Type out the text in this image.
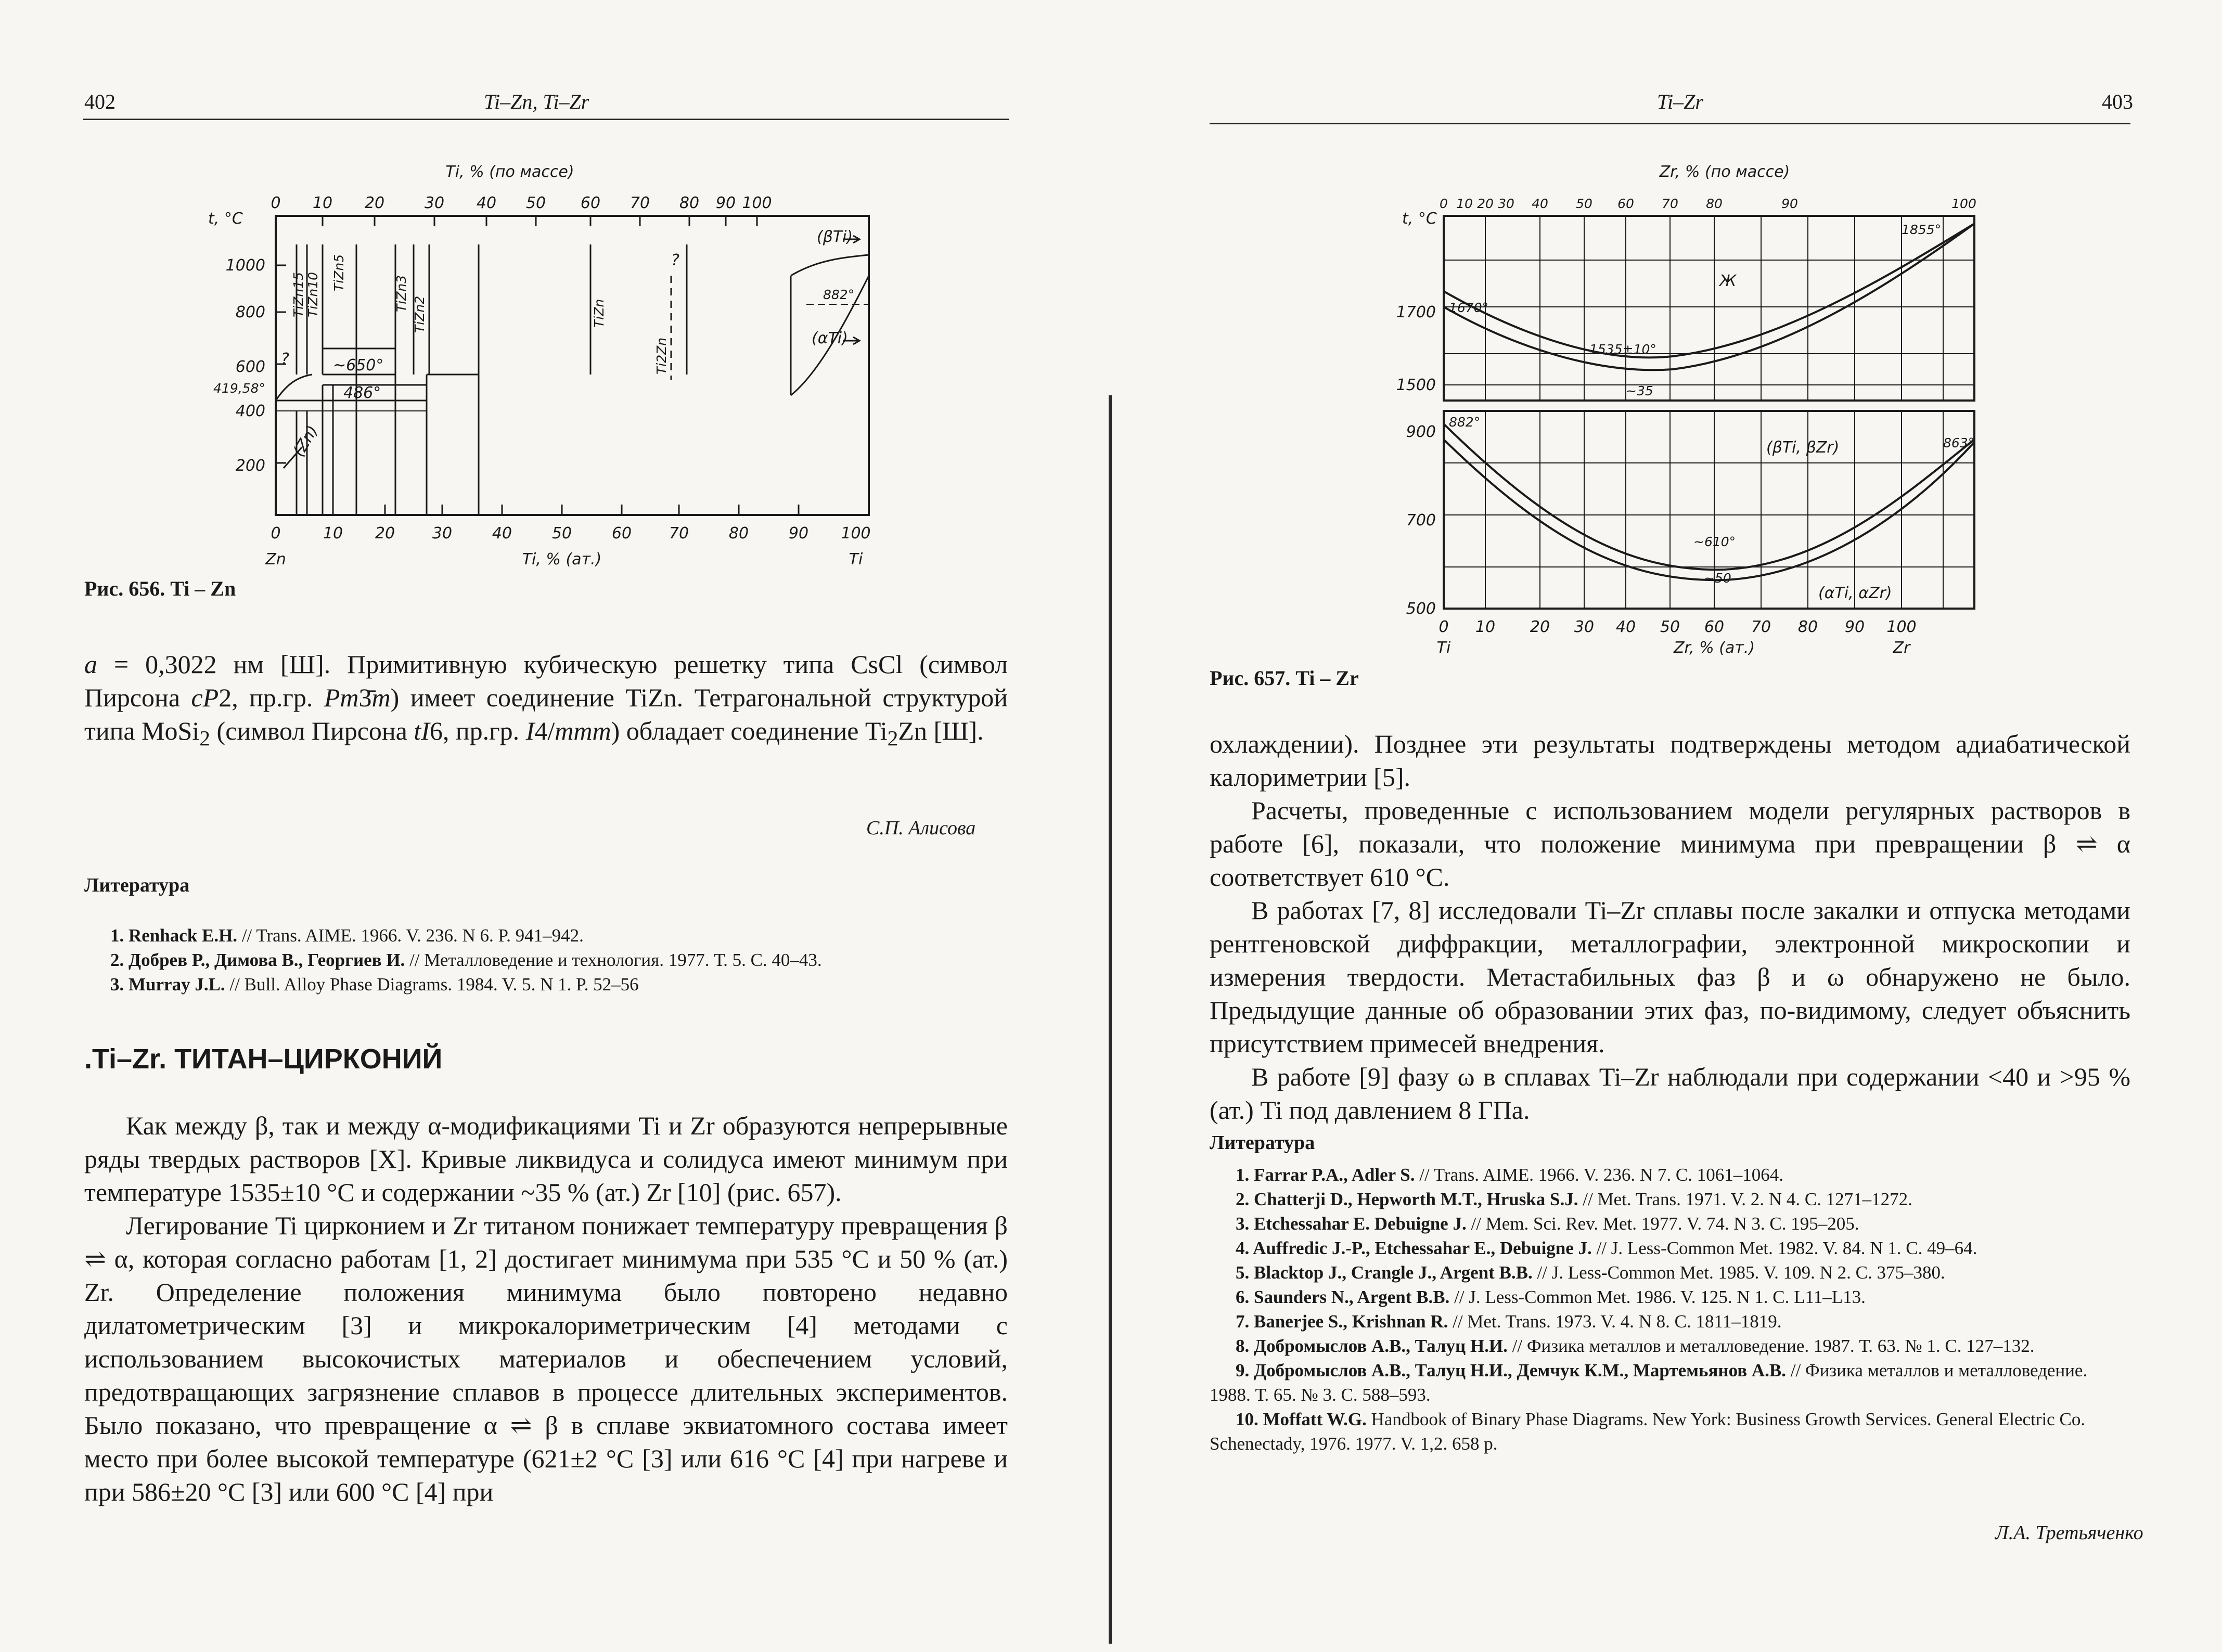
402	Ti–Zn, Ti–Zr
Ti, % (по массе)
0 10 20	30 40 50 60 70 80 90 100
t, °C
1000
800
600
419,58°
400
200
(βTi)
882°
(αTi)
~650°
486°
(Zn)
?
?
TiZn15 TiZn10 TiZn5
TiZn3
TiZn2	TiZn
Ti2Zn
0	10 20 30	40	50	60 70	80	90 100
Zn	Ti, % (ат.)	Ti
Рис. 656. Ti – Zn

a = 0,3022 нм [Ш]. Примитивную кубическую решетку типа CsCl (символ Пирсона cP2, пр.гр. Pm3̄m) имеет соединение TiZn. Тетрагональной структурой типа MoSi$_2$ (символ Пирсона tI6, пр.гр. I4/mmm) обладает соединение $Ti_2Zn$ [Ш].

С.П. Алисова
Литература
1. Renhack E.H. // Trans. AIME. 1966. V. 236. N 6. P. 941–942.
2. Добрев Р., Димова В., Георгиев И. // Металловедение и технология. 1977. Т. 5. С. 40–43.
3. Murray J.L. // Bull. Alloy Phase Diagrams. 1984. V. 5. N 1. P. 52–56
.Ti–Zr. ТИТАН–ЦИРКОНИЙ

Как между β, так и между α-модификациями Ti и Zr образуются непрерывные ряды твердых растворов [X]. Кривые ликвидуса и солидуса имеют минимум при температуре 1535±10 °C и содержании ~35 % (ат.) Zr [10] (рис. 657).

Легирование Ti цирконием и Zr титаном понижает температуру превращения β ⇌ α, которая согласно работам [1, 2] достигает минимума при 535 °C и 50 % (ат.) Zr. Определение положения минимума было повторено недавно дилатометрическим [3] и микрокалориметрическим [4] методами с использованием высокочистых материалов и обеспечением условий, предотвращающих загрязнение сплавов в процессе длительных экспериментов. Было показано, что превращение α ⇌ β в сплаве эквиатомного состава имеет место при более высокой температуре (621±2 °C [3] или 616 °C [4] при нагреве и при 586±20 °C [3] или 600 °C [4] при

Ti–Zr	403
Zr, % (по массе)
t, °C
0 10 20 30 40 50 60 70 80	90	100
Ж
1855°
1670°
1535±10°
~35
882°
(βTi, βZr)	863°
~610°
~50
(αTi, αZr)
1700
1500
900
700
500
0 10 20 30 40 50 60 70 80 90 100
Ti	Zr, % (ат.)	Zr
Рис. 657. Ti – Zr

охлаждении). Позднее эти результаты подтверждены методом адиабатической калориметрии [5].

Расчеты, проведенные с использованием модели регулярных растворов в работе [6], показали, что положение минимума при превращении β ⇌ α соответствует 610 °C.

В работах [7, 8] исследовали Ti–Zr сплавы после закалки и отпуска методами рентгеновской диффракции, металлографии, электронной микроскопии и измерения твердости. Метастабильных фаз β и ω обнаружено не было. Предыдущие данные об образовании этих фаз, по-видимому, следует объяснить присутствием примесей внедрения.

В работе [9] фазу ω в сплавах Ti–Zr наблюдали при содержании <40 и >95 % (ат.) Ti под давлением 8 ГПа.

Литература
1. Farrar P.A., Adler S. // Trans. AIME. 1966. V. 236. N 7. C. 1061–1064.
2. Chatterji D., Hepworth M.T., Hruska S.J. // Met. Trans. 1971. V. 2. N 4. C. 1271–1272.
3. Etchessahar E. Debuigne J. // Mem. Sci. Rev. Met. 1977. V. 74. N 3. C. 195–205.
4. Auffredic J.-P., Etchessahar E., Debuigne J. // J. Less-Common Met. 1982. V. 84. N 1. C. 49–64.
5. Blacktop J., Crangle J., Argent B.B. // J. Less-Common Met. 1985. V. 109. N 2. C. 375–380.
6. Saunders N., Argent B.B. // J. Less-Common Met. 1986. V. 125. N 1. C. L11–L13.
7. Banerjee S., Krishnan R. // Met. Trans. 1973. V. 4. N 8. C. 1811–1819.
8. Добромыслов А.В., Талуц Н.И. // Физика металлов и металловедение. 1987. Т. 63. № 1. С. 127–132.
9. Добромыслов А.В., Талуц Н.И., Демчук К.М., Мартемьянов А.В. // Физика металлов и металловедение. 1988. Т. 65. № 3. С. 588–593.
10. Moffatt W.G. Handbook of Binary Phase Diagrams. New York: Business Growth Services. General Electric Co. Schenectady, 1976. 1977. V. 1,2. 658 p.
Л.А. Третьяченко
